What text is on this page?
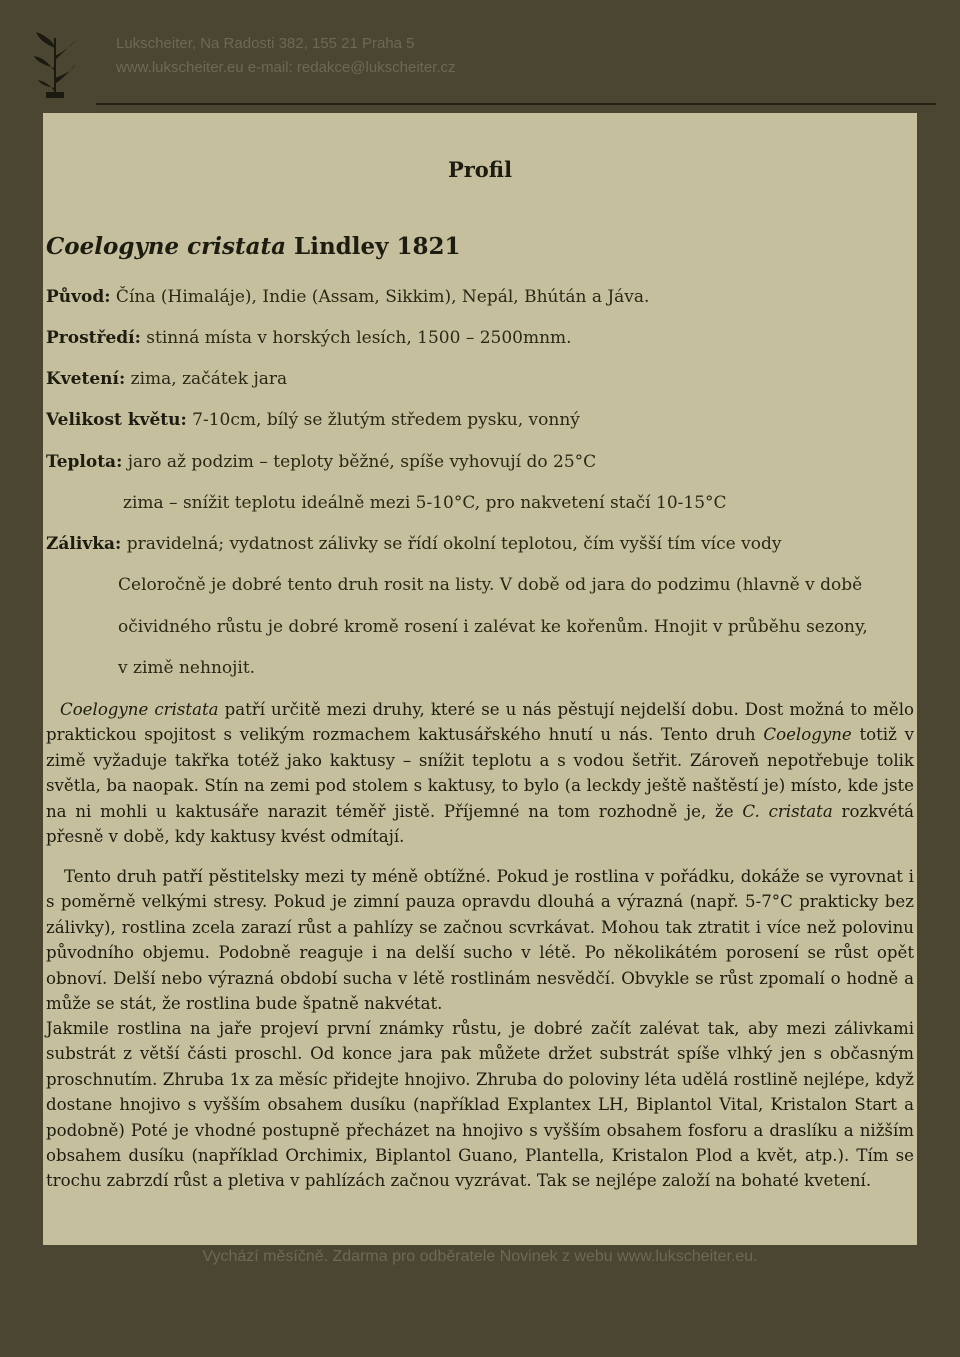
Lukscheiter, Na Radosti 382, 155 21 Praha 5
www.lukscheiter.eu e-mail: redakce@lukscheiter.cz
Profil
Coelogyne cristata Lindley 1821
Původ: Čína (Himaláje), Indie (Assam, Sikkim), Nepál, Bhútán a Jáva.
Prostředí: stinná místa v horských lesích, 1500 – 2500mnm.
Kvetení: zima, začátek jara
Velikost květu: 7-10cm, bílý se žlutým středem pysku, vonný
Teplota: jaro až podzim – teploty běžné, spíše vyhovují do 25°C
zima – snížit teplotu ideálně mezi 5-10°C, pro nakvetení stačí 10-15°C
Zálivka: pravidelná; vydatnost zálivky se řídí okolní teplotou, čím vyšší tím více vody
Celoročně je dobré tento druh rosit na listy. V době od jara do podzimu (hlavně v době
očividného růstu je dobré kromě rosení i zalévat ke kořenům. Hnojit v průběhu sezony,
v zimě nehnojit.
Coelogyne cristata patří určitě mezi druhy, které se u nás pěstují nejdelší dobu. Dost možná to mělo praktickou spojitost s velikým rozmachem kaktusářského hnutí u nás. Tento druh Coelogyne totiž v zimě vyžaduje takřka totéž jako kaktusy – snížit teplotu a s vodou šetřit. Zároveň nepotřebuje tolik světla, ba naopak. Stín na zemi pod stolem s kaktusy, to bylo (a leckdy ještě naštěstí je) místo, kde jste na ni mohli u kaktusáře narazit téměř jistě. Příjemné na tom rozhodně je, že C. cristata rozkvétá přesně v době, kdy kaktusy kvést odmítají.
Tento druh patří pěstitelsky mezi ty méně obtížné. Pokud je rostlina v pořádku, dokáže se vyrovnat i s poměrně velkými stresy. Pokud je zimní pauza opravdu dlouhá a výrazná (např. 5-7°C prakticky bez zálivky), rostlina zcela zarazí růst a pahlízy se začnou scvrkávat. Mohou tak ztratit i více než polovinu původního objemu. Podobně reaguje i na delší sucho v létě. Po několikátém porosení se růst opět obnoví. Delší nebo výrazná období sucha v létě rostlinám nesvědčí. Obvykle se růst zpomalí o hodně a může se stát, že rostlina bude špatně nakvétat.
Jakmile rostlina na jaře projeví první známky růstu, je dobré začít zalévat tak, aby mezi zálivkami substrát z větší části proschl. Od konce jara pak můžete držet substrát spíše vlhký jen s občasným proschnutím. Zhruba 1x za měsíc přidejte hnojivo. Zhruba do poloviny léta udělá rostlině nejlépe, když dostane hnojivo s vyšším obsahem dusíku (například Explantex LH, Biplantol Vital, Kristalon Start a podobně) Poté je vhodné postupně přecházet na hnojivo s vyšším obsahem fosforu a draslíku a nižším obsahem dusíku (například Orchimix, Biplantol Guano, Plantella, Kristalon Plod a květ, atp.). Tím se trochu zabrzdí růst a pletiva v pahlízách začnou vyzrávat. Tak se nejlépe založí na bohaté kvetení.
Vychází měsíčně. Zdarma pro odběratele Novinek z webu www.lukscheiter.eu.
